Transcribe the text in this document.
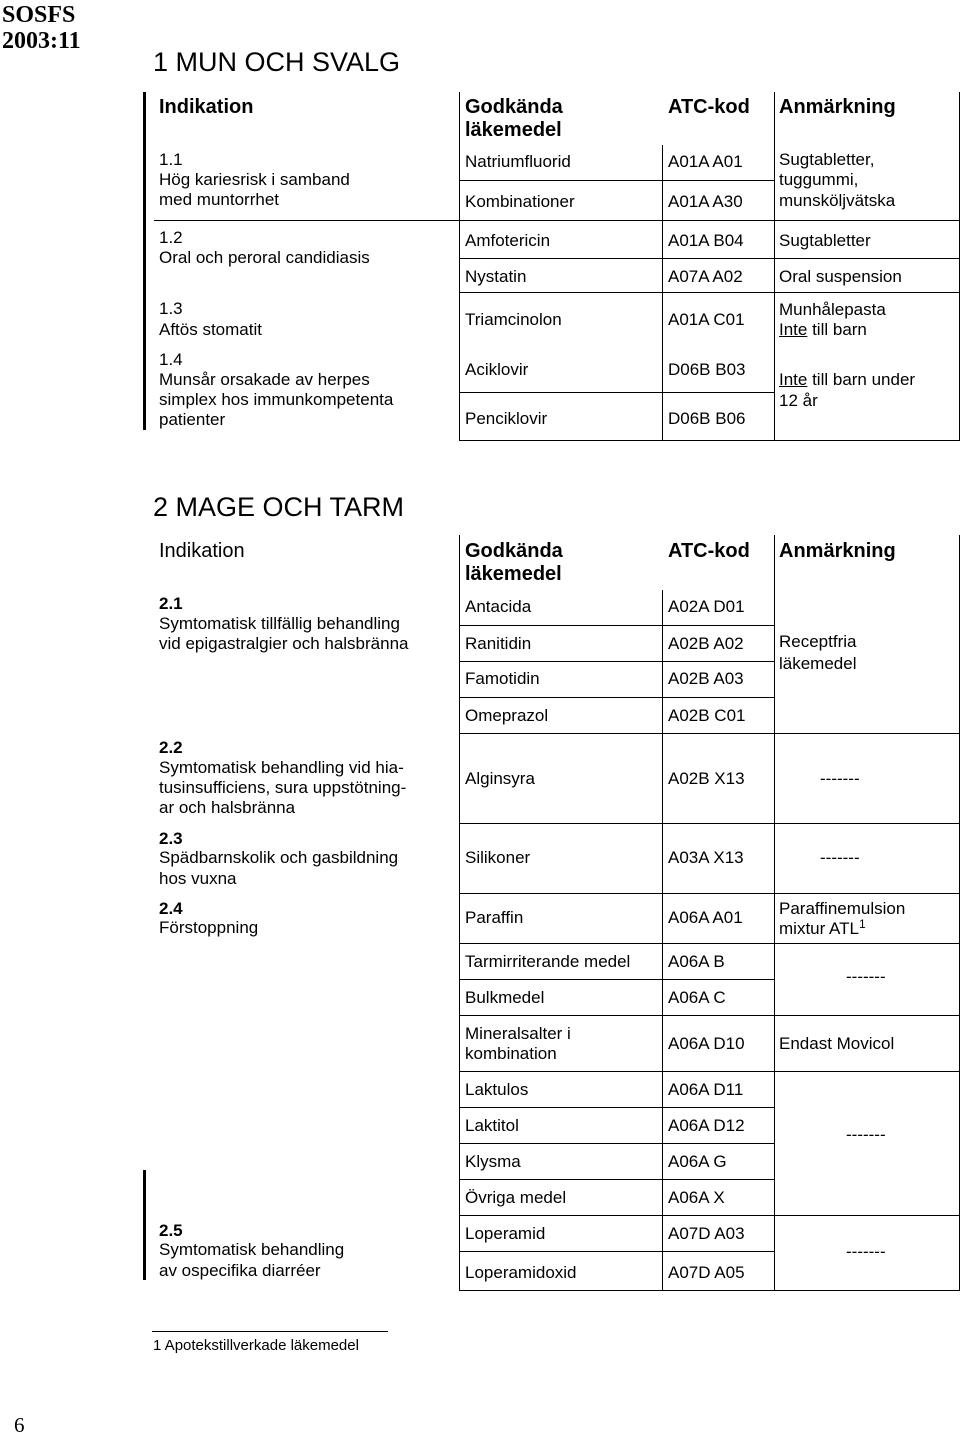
SOSFS
2003:11
1 MUN OCH SVALG
Indikation	Godkända
läkemedel
ATC-kod Anmärkning
1.1
Hög kariesrisk i samband
med muntorrhet
1.2
Oral och peroral candidiasis
1.3
Aftös stomatit
1.4
Munsår orsakade av herpes
simplex hos immunkompetenta
patienter
Natriumfluorid
Kombinationer
Amfotericin
Nystatin
Triamcinolon
Aciklovir
Penciklovir
A01A A01
A01A A30
A01A B04
A07A A02
A01A C01
D06B B03
D06B B06
Sugtabletter,
tuggummi,
munsköljvätska
Sugtabletter
Oral suspension
Munhålepasta
Inte till barn
Inte till barn under
12 år
2 MAGE OCH TARM
Indikation	Godkända
läkemedel
ATC-kod Anmärkning
2.1
Symtomatisk tillfällig behandling
vid epigastralgier och halsbränna
2.2
Symtomatisk behandling vid hia-
tusinsufficiens, sura uppstötning-
ar och halsbränna
2.3
Spädbarnskolik och gasbildning
hos vuxna
2.4
Förstoppning
2.5
Symtomatisk behandling
av ospecifika diarréer
Antacida
Ranitidin
Famotidin
Omeprazol
Alginsyra
Silikoner
Paraffin
Tarmirriterande medel
Bulkmedel
Mineralsalter i
kombination
Laktulos
Laktitol
Klysma
Övriga medel
Loperamid
Loperamidoxid
A02A D01
A02B A02
A02B A03
A02B C01
A02B X13
A03A X13
A06A A01
A06A B
A06A C
A06A D10
A06A D11
A06A D12
A06A G
A06A X
A07D A03
A07D A05
Receptfria
läkemedel
-------
-------
Paraffinemulsion
mixtur ATL$^1$
-------
Endast Movicol
-------
-------
1 Apotekstillverkade läkemedel
6
